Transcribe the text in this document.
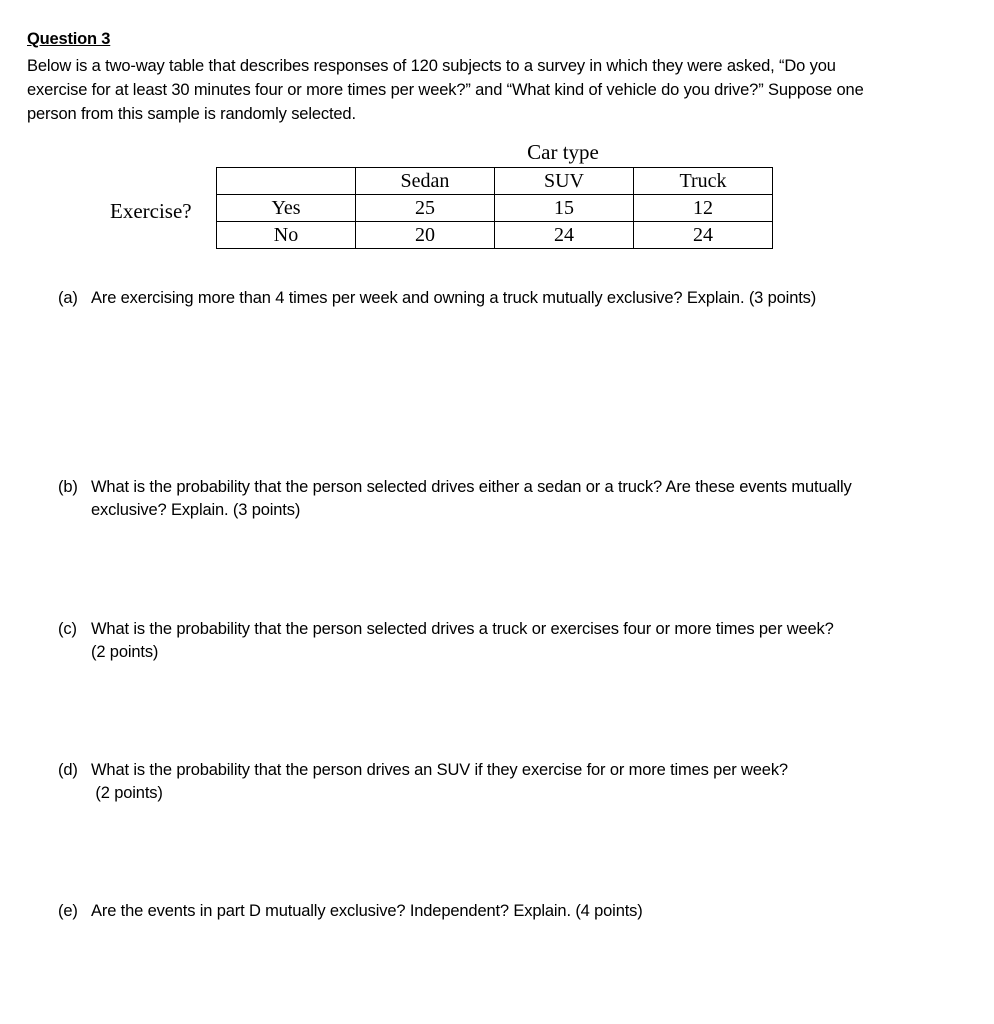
Question 3
Below is a two-way table that describes responses of 120 subjects to a survey in which they were asked, “Do you
exercise for at least 30 minutes four or more times per week?” and “What kind of vehicle do you drive?” Suppose one
person from this sample is randomly selected.
Car type
Exercise?
	Sedan	SUV	Truck
Yes	25	15	12
No	20	24	24
(a) Are exercising more than 4 times per week and owning a truck mutually exclusive? Explain. (3 points)
(b) What is the probability that the person selected drives either a sedan or a truck? Are these events mutually
exclusive? Explain. (3 points)
(c) What is the probability that the person selected drives a truck or exercises four or more times per week?
(2 points)
(d) What is the probability that the person drives an SUV if they exercise for or more times per week?
(2 points)
(e) Are the events in part D mutually exclusive? Independent? Explain. (4 points)
